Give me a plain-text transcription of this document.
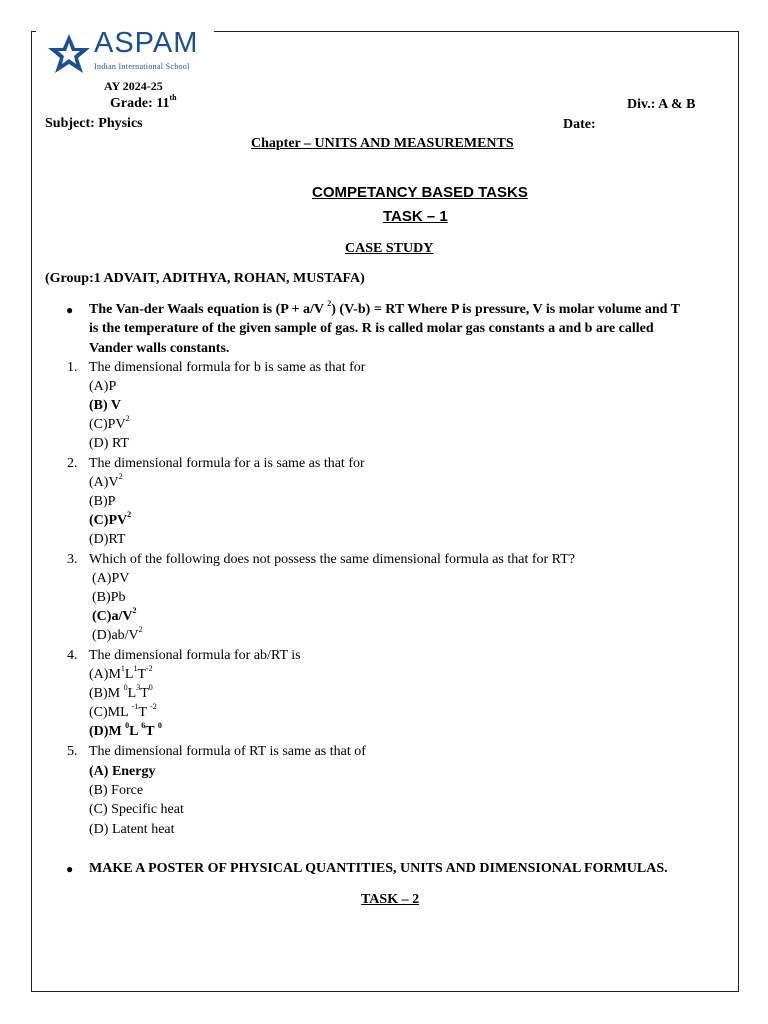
ASPAM
Indian International School
AY 2024-25
Grade: 11th	Div.: A & B
Subject: Physics	Date:
Chapter – UNITS AND MEASUREMENTS
COMPETANCY BASED TASKS
TASK – 1
CASE STUDY
(Group:1 ADVAIT, ADITHYA, ROHAN, MUSTAFA)
● The Van-der Waals equation is (P + a/V $^2$) (V-b) = RT Where P is pressure, V is molar volume and T
is the temperature of the given sample of gas. R is called molar gas constants a and b are called
Vander walls constants.
1. The dimensional formula for b is same as that for
(A)P
(B) V
$(C)PV^2$
(D) RT
2. The dimensional formula for a is same as that for
$(A)V^2$
(B)P
$(C)PV^2$
(D)RT
3. Which of the following does not possess the same dimensional formula as that for RT?
(A)PV
(B)Pb
$(C)a/V^2$
$(D)ab/V^2$
4. The dimensional formula for ab/RT is
$(A)M^1L^1T^{-2}$
(B)M $^0L^3T^0$
(C)ML $^{-1}$T $^{-2}$
(D)M $^0$L $^6$T $^0$
5. The dimensional formula of RT is same as that of
(A) Energy
(B) Force
(C) Specific heat
(D) Latent heat
● MAKE A POSTER OF PHYSICAL QUANTITIES, UNITS AND DIMENSIONAL FORMULAS.
TASK – 2
